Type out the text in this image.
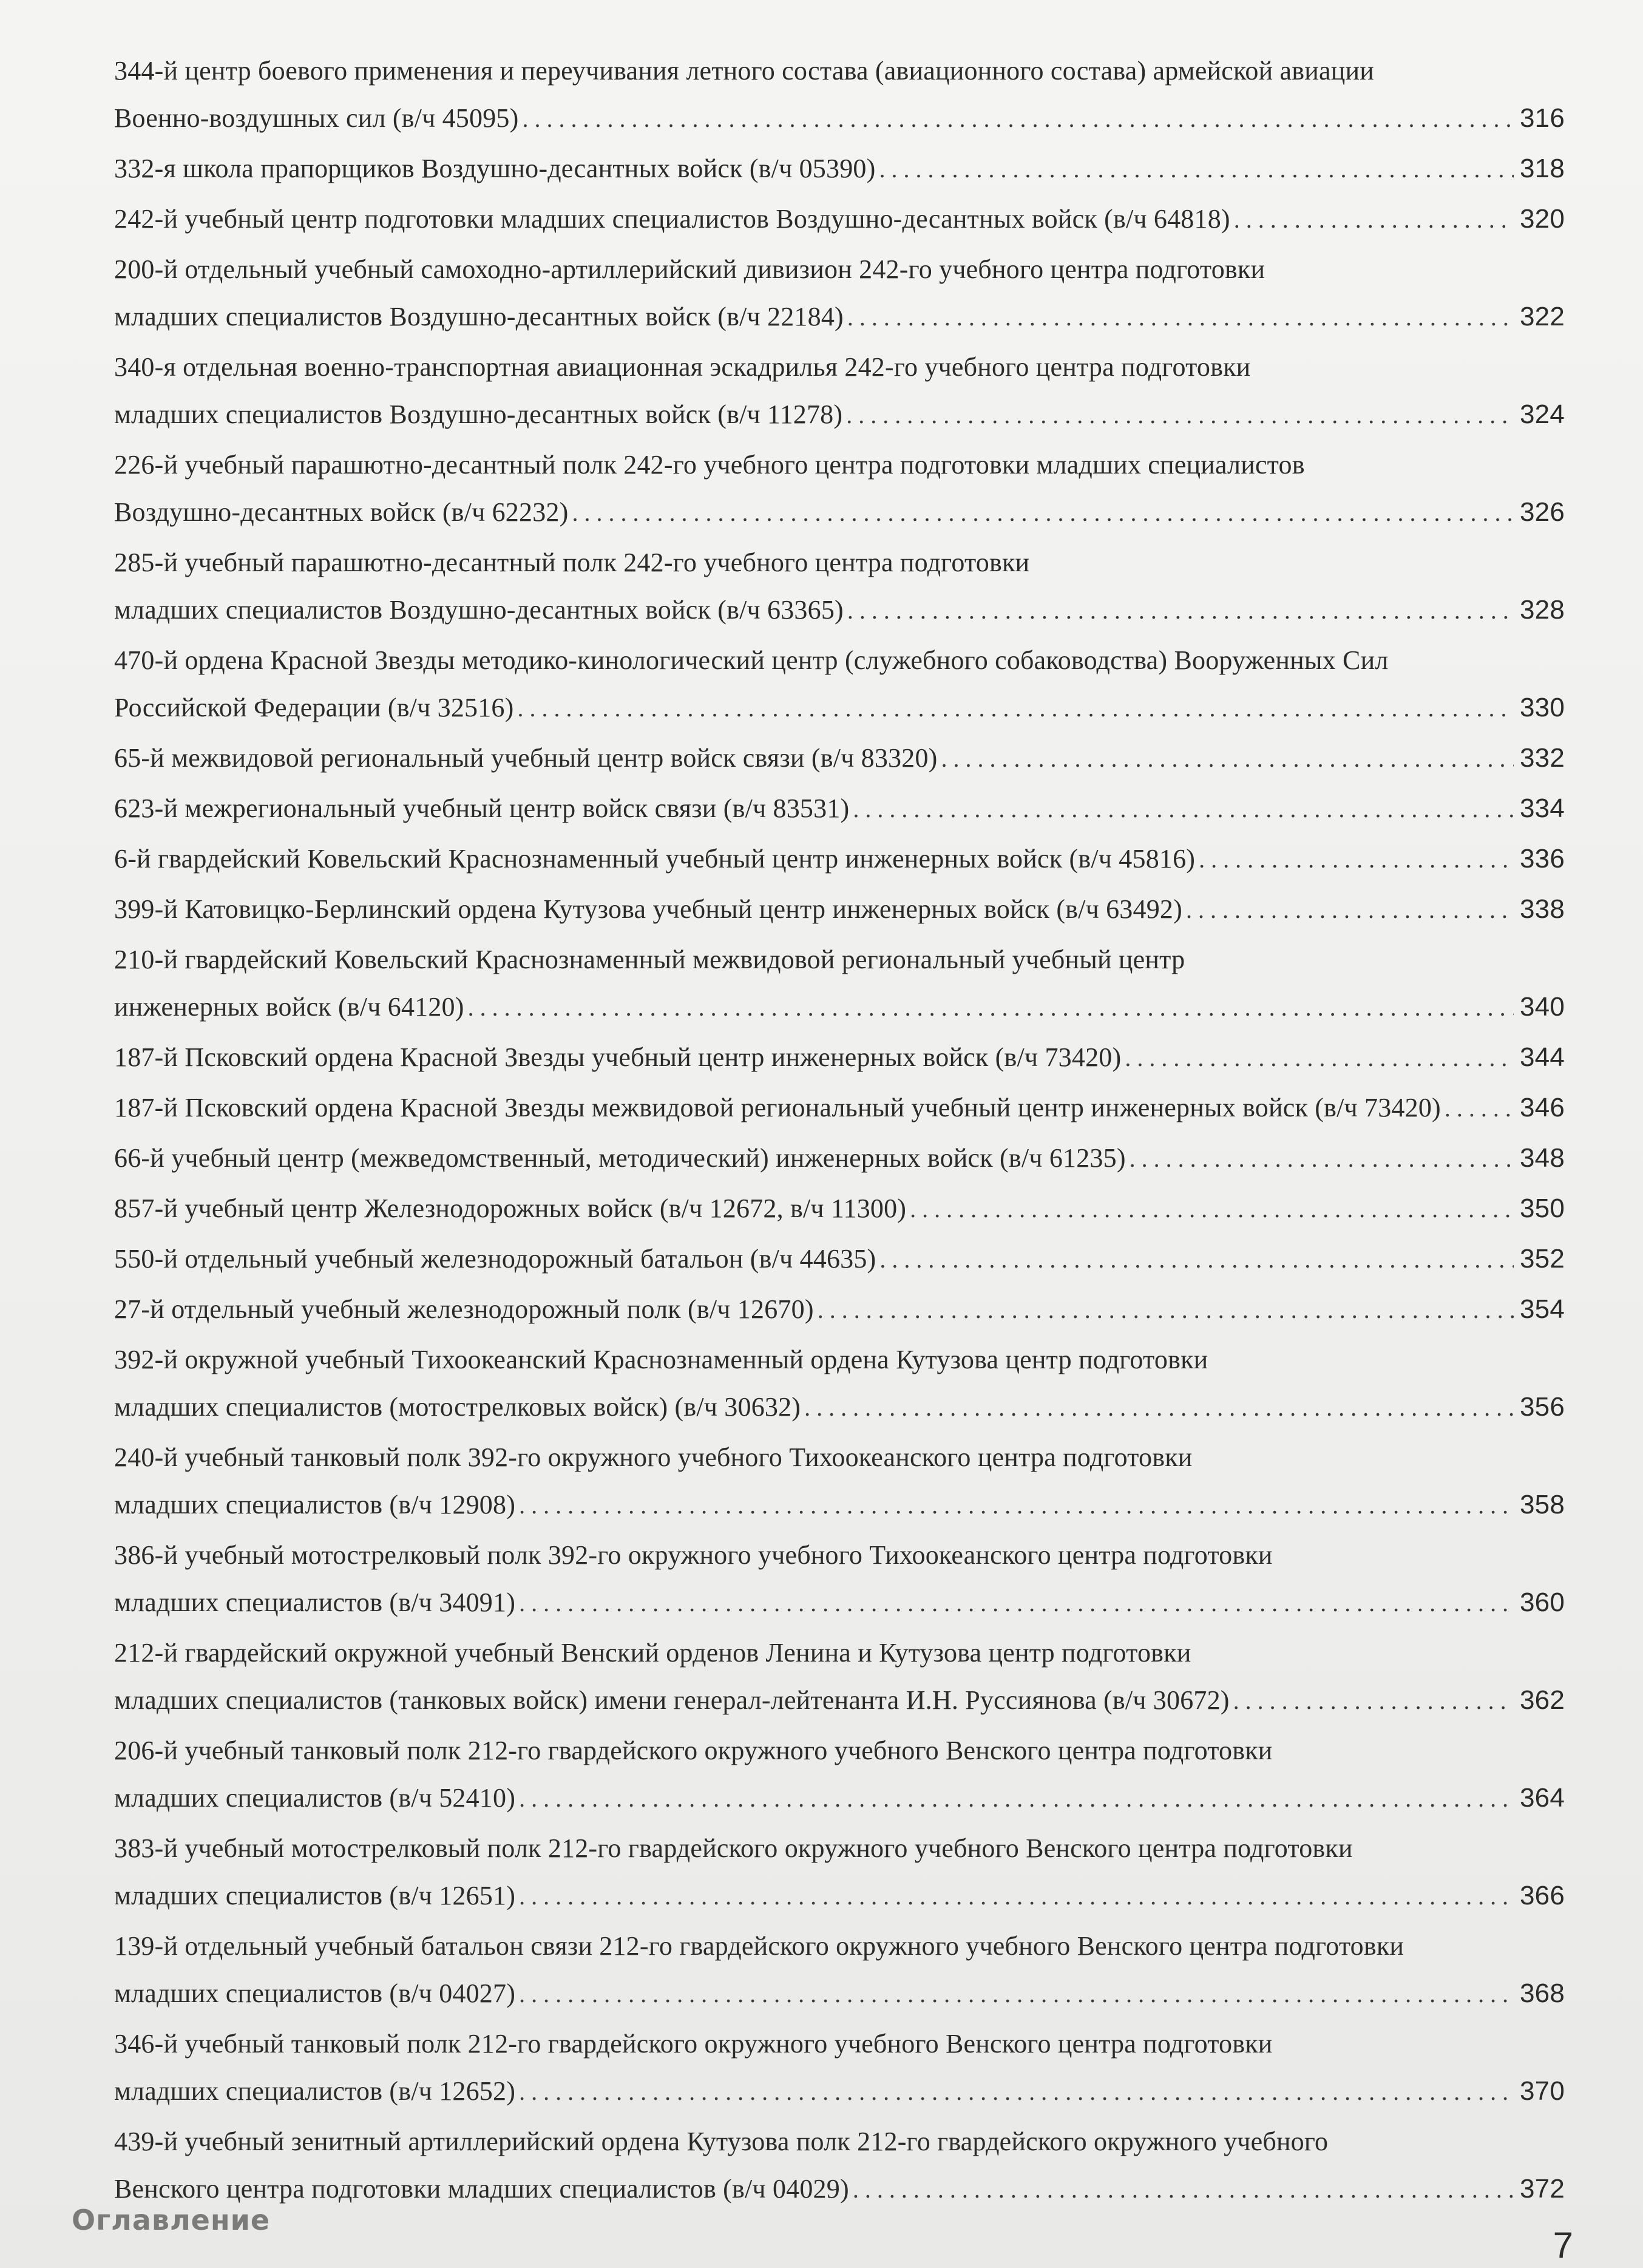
344-й центр боевого применения и переучивания летного состава (авиационного состава) армейской авиации
Военно-воздушных сил (в/ч 45095) . . .	316
332-я школа прапорщиков Воздушно-десантных войск (в/ч 05390) . . .	318
242-й учебный центр подготовки младших специалистов Воздушно-десантных войск (в/ч 64818) . . .	320
200-й отдельный учебный самоходно-артиллерийский дивизион 242-го учебного центра подготовки
младших специалистов Воздушно-десантных войск (в/ч 22184) . . .	322
340-я отдельная военно-транспортная авиационная эскадрилья 242-го учебного центра подготовки
младших специалистов Воздушно-десантных войск (в/ч 11278) . . .	324
226-й учебный парашютно-десантный полк 242-го учебного центра подготовки младших специалистов
Воздушно-десантных войск (в/ч 62232) . . .	326
285-й учебный парашютно-десантный полк 242-го учебного центра подготовки
младших специалистов Воздушно-десантных войск (в/ч 63365) . . .	328
470-й ордена Красной Звезды методико-кинологический центр (служебного собаководства) Вооруженных Сил
Российской Федерации (в/ч 32516) . . .	330
65-й межвидовой региональный учебный центр войск связи (в/ч 83320) . . .	332
623-й межрегиональный учебный центр войск связи (в/ч 83531) . . .	334
6-й гвардейский Ковельский Краснознаменный учебный центр инженерных войск (в/ч 45816) . . .	336
399-й Катовицко-Берлинский ордена Кутузова учебный центр инженерных войск (в/ч 63492) . . .	338
210-й гвардейский Ковельский Краснознаменный межвидовой региональный учебный центр
инженерных войск (в/ч 64120) . . .	340
187-й Псковский ордена Красной Звезды учебный центр инженерных войск (в/ч 73420) . . .	344
187-й Псковский ордена Красной Звезды межвидовой региональный учебный центр инженерных войск (в/ч 73420) . . .	346
66-й учебный центр (межведомственный, методический) инженерных войск (в/ч 61235) . . .	348
857-й учебный центр Железнодорожных войск (в/ч 12672, в/ч 11300) . . .	350
550-й отдельный учебный железнодорожный батальон (в/ч 44635) . . .	352
27-й отдельный учебный железнодорожный полк (в/ч 12670) . . .	354
392-й окружной учебный Тихоокеанский Краснознаменный ордена Кутузова центр подготовки
младших специалистов (мотострелковых войск) (в/ч 30632) . . .	356
240-й учебный танковый полк 392-го окружного учебного Тихоокеанского центра подготовки
младших специалистов (в/ч 12908) . . .	358
386-й учебный мотострелковый полк 392-го окружного учебного Тихоокеанского центра подготовки
младших специалистов (в/ч 34091) . . .	360
212-й гвардейский окружной учебный Венский орденов Ленина и Кутузова центр подготовки
младших специалистов (танковых войск) имени генерал-лейтенанта И.Н. Руссиянова (в/ч 30672) . . .	362
206-й учебный танковый полк 212-го гвардейского окружного учебного Венского центра подготовки
младших специалистов (в/ч 52410) . . .	364
383-й учебный мотострелковый полк 212-го гвардейского окружного учебного Венского центра подготовки
младших специалистов (в/ч 12651) . . .	366
139-й отдельный учебный батальон связи 212-го гвардейского окружного учебного Венского центра подготовки
младших специалистов (в/ч 04027) . . .	368
346-й учебный танковый полк 212-го гвардейского окружного учебного Венского центра подготовки
младших специалистов (в/ч 12652) . . .	370
439-й учебный зенитный артиллерийский ордена Кутузова полк 212-го гвардейского окружного учебного
Венского центра подготовки младших специалистов (в/ч 04029) . . .	372
Оглавление
7
